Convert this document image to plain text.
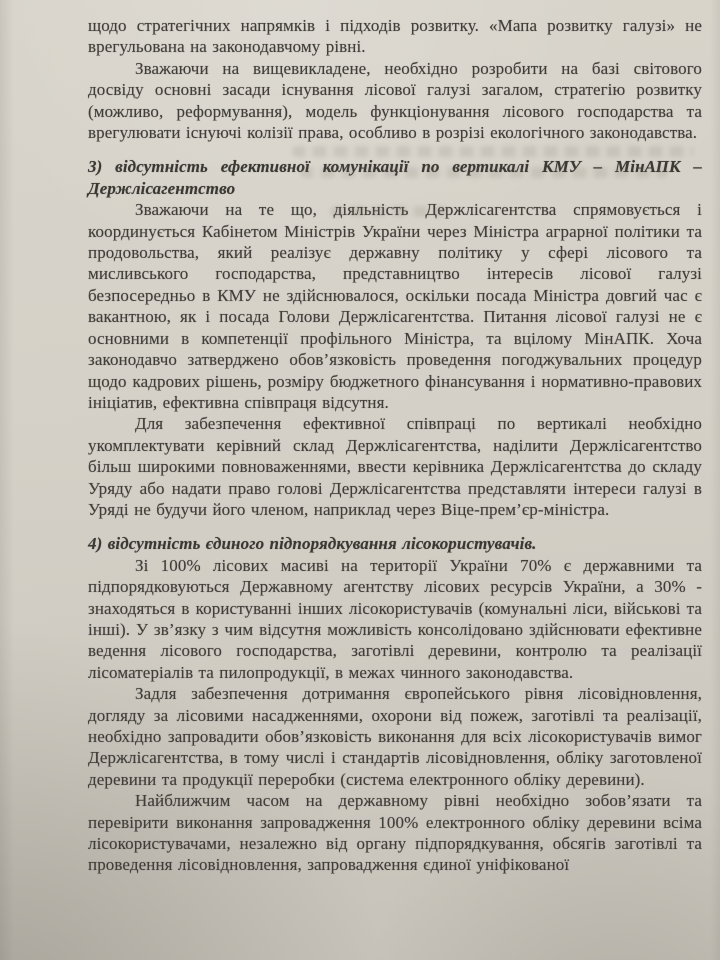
щодо стратегічних напрямків і підходів розвитку. «Мапа розвитку галузі» не врегульована на законодавчому рівні.

Зважаючи на вищевикладене, необхідно розробити на базі світового досвіду основні засади існування лісової галузі загалом, стратегію розвитку (можливо, реформування), модель функціонування лісового господарства та врегулювати існуючі колізії права, особливо в розрізі екологічного законодавства.

3) відсутність ефективної комунікації по вертикалі КМУ – МінАПК – Держлісагентство

Зважаючи на те що, діяльність Держлісагентства спрямовується і координується Кабінетом Міністрів України через Міністра аграрної політики та продовольства, який реалізує державну політику у сфері лісового та мисливського господарства, представництво інтересів лісової галузі безпосередньо в КМУ не здійснювалося, оскільки посада Міністра довгий час є вакантною, як і посада Голови Держлісагентства. Питання лісової галузі не є основними в компетенції профільного Міністра, та вцілому МінАПК. Хоча законодавчо затверджено обов’язковість проведення погоджувальних процедур щодо кадрових рішень, розміру бюджетного фінансування і нормативно-правових ініціатив, ефективна співпраця відсутня.

Для забезпечення ефективної співпраці по вертикалі необхідно укомплектувати керівний склад Держлісагентства, наділити Держлісагентство більш широкими повноваженнями, ввести керівника Держлісагентства до складу Уряду або надати право голові Держлісагентства представляти інтереси галузі в Уряді не будучи його членом, наприклад через Віце-прем’єр-міністра.

4) відсутність єдиного підпорядкування лісокористувачів.

Зі 100% лісових масиві на території України 70% є державними та підпорядковуються Державному агентству лісових ресурсів України, а 30% - знаходяться в користуванні інших лісокористувачів (комунальні ліси, військові та інші). У зв’язку з чим відсутня можливість консолідовано здійснювати ефективне ведення лісового господарства, заготівлі деревини, контролю та реалізації лісоматеріалів та пилопродукції, в межах чинного законодавства.

Задля забезпечення дотримання європейського рівня лісовідновлення, догляду за лісовими насадженнями, охорони від пожеж, заготівлі та реалізації, необхідно запровадити обов’язковість виконання для всіх лісокористувачів вимог Держлісагентства, в тому числі і стандартів лісовідновлення, обліку заготовленої деревини та продукції переробки (система електронного обліку деревини).

Найближчим часом на державному рівні необхідно зобов’язати та перевірити виконання запровадження 100% електронного обліку деревини всіма лісокористувачами, незалежно від органу підпорядкування, обсягів заготівлі та проведення лісовідновлення, запровадження єдиної уніфікованої
